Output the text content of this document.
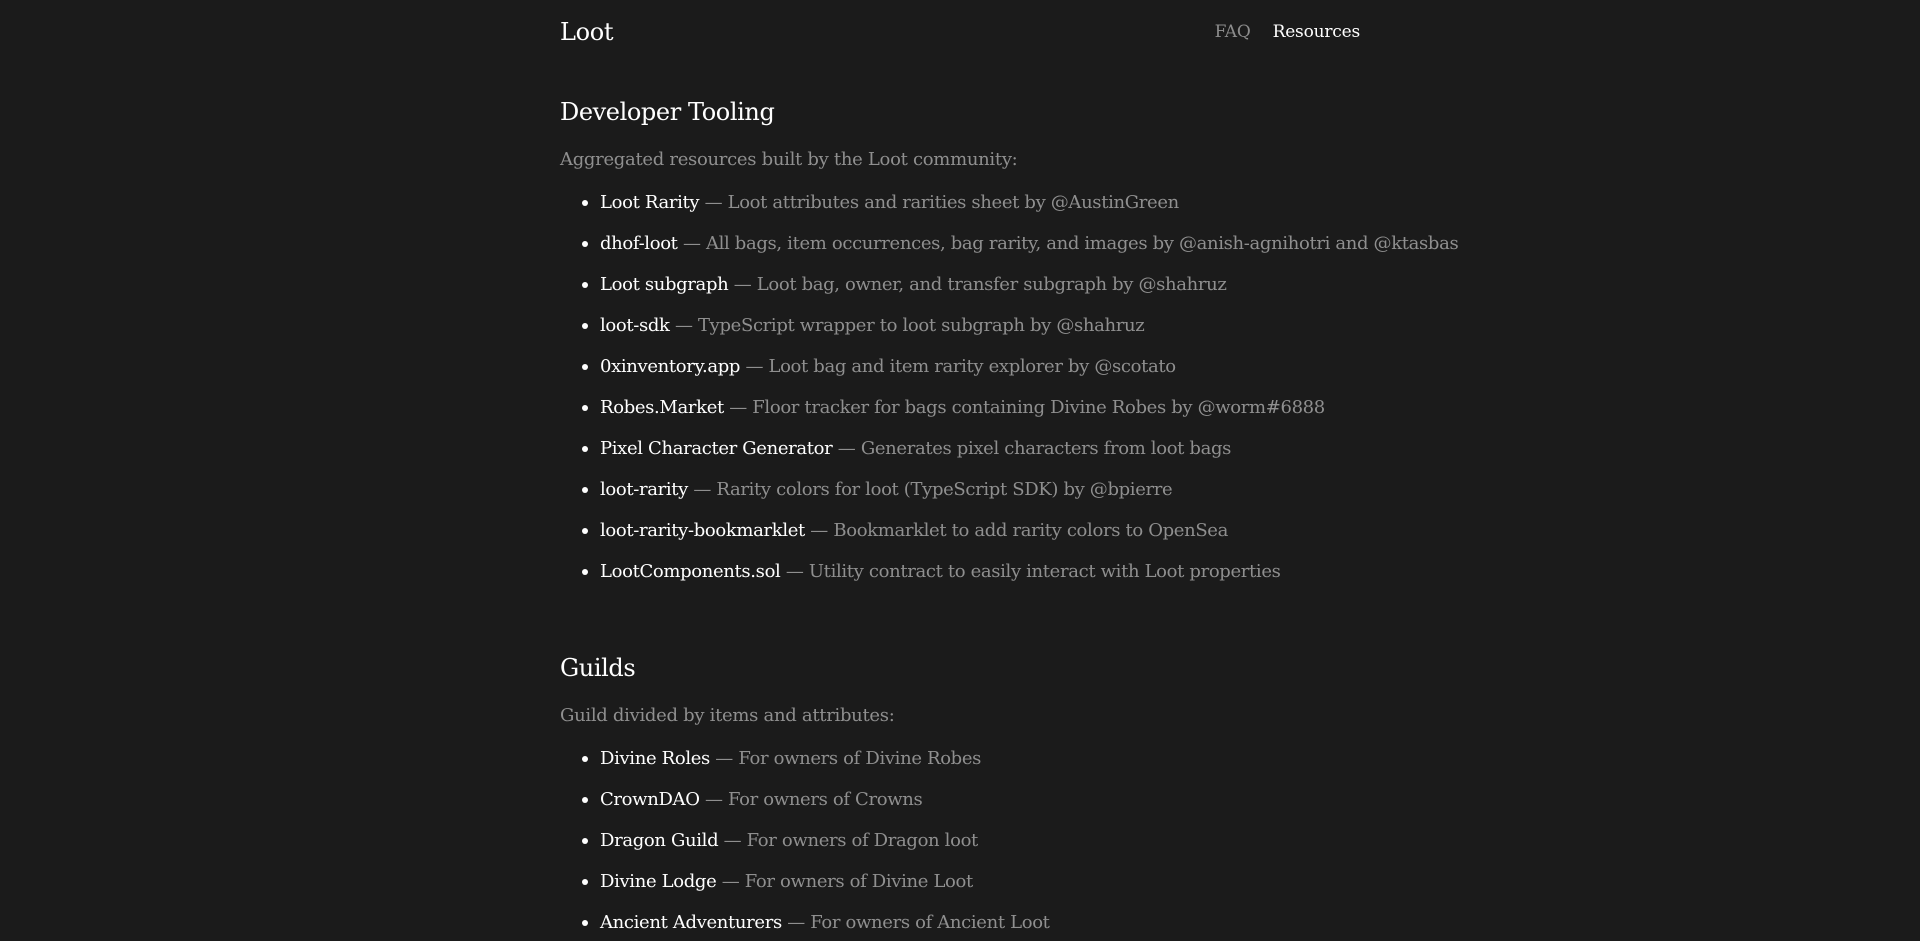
Loot	FAQ Resources
Developer Tooling

Aggregated resources built by the Loot community:

Loot Rarity — Loot attributes and rarities sheet by @AustinGreen
dhof-loot — All bags, item occurrences, bag rarity, and images by @anish-agnihotri and @ktasbas
Loot subgraph — Loot bag, owner, and transfer subgraph by @shahruz
loot-sdk — TypeScript wrapper to loot subgraph by @shahruz
0xinventory.app — Loot bag and item rarity explorer by @scotato
Robes.Market — Floor tracker for bags containing Divine Robes by @worm#6888
Pixel Character Generator — Generates pixel characters from loot bags
loot-rarity — Rarity colors for loot (TypeScript SDK) by @bpierre
loot-rarity-bookmarklet — Bookmarklet to add rarity colors to OpenSea
LootComponents.sol — Utility contract to easily interact with Loot properties
Guilds

Guild divided by items and attributes:

Divine Roles — For owners of Divine Robes
CrownDAO — For owners of Crowns
Dragon Guild — For owners of Dragon loot
Divine Lodge — For owners of Divine Loot
Ancient Adventurers — For owners of Ancient Loot
